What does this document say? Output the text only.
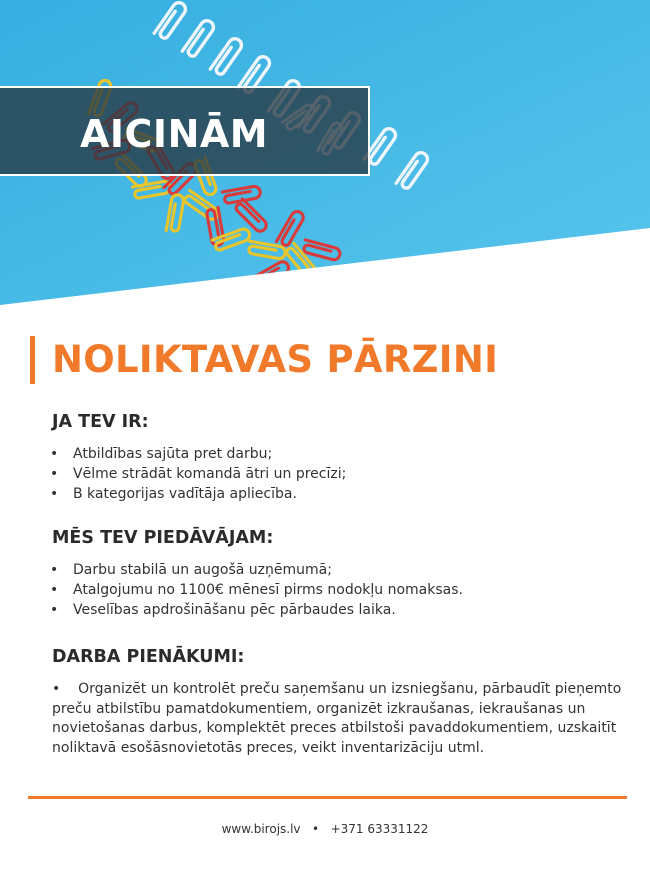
AICINĀM
NOLIKTAVAS PĀRZINI
JA TEV IR:
•	Atbildības sajūta pret darbu;
•	Vēlme strādāt komandā ātri un precīzi;
•	B kategorijas vadītāja apliecība.
MĒS TEV PIEDĀVĀJAM:
•	Darbu stabilā un augošā uzņēmumā;
•	Atalgojumu no 1100€ mēnesī pirms nodokļu nomaksas.
•	Veselības apdrošināšanu pēc pārbaudes laika.
DARBA PIENĀKUMI:

• Organizēt un kontrolēt preču saņemšanu un izsniegšanu, pārbaudīt pieņemto preču atbilstību pamatdokumentiem, organizēt izkraušanas, iekraušanas un novietošanas darbus, komplektēt preces atbilstoši pavaddokumentiem, uzskaitīt noliktavā esošāsnovietotās preces, veikt inventarizāciju utml.

www.birojs.lv • +371 63331122
